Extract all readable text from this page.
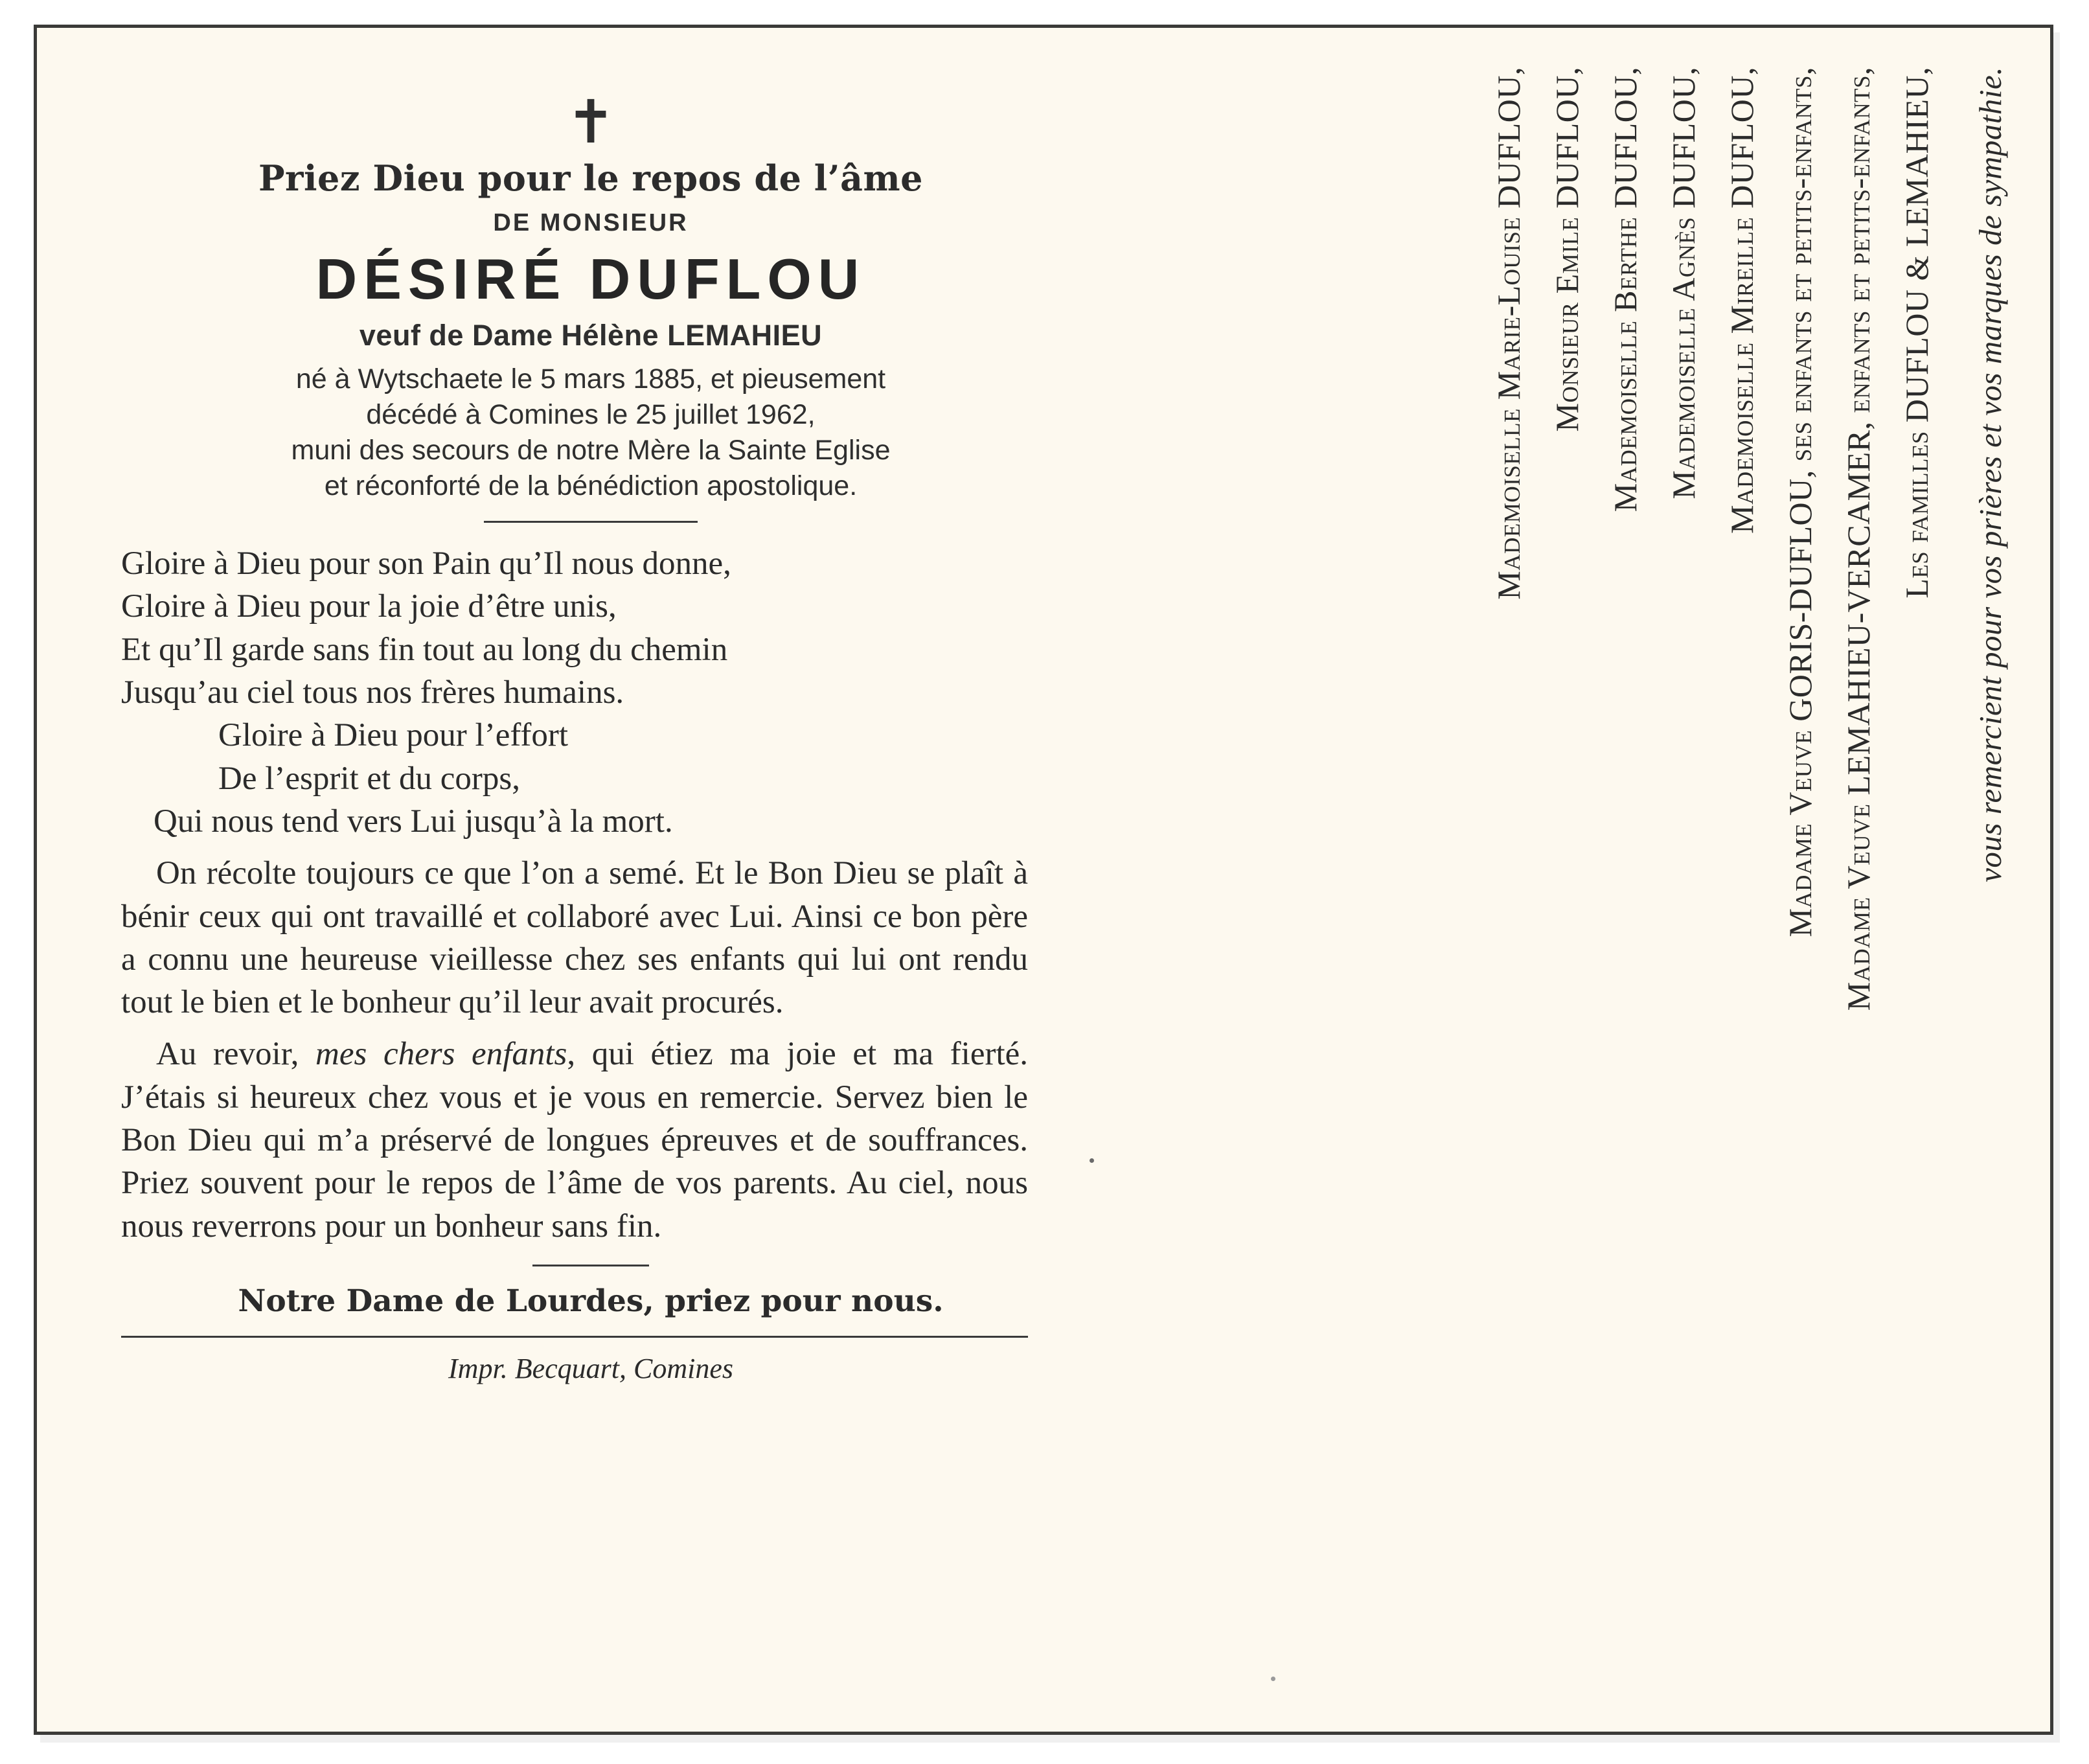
✝
Priez Dieu pour le repos de l’âme
DE MONSIEUR
DÉSIRÉ DUFLOU
veuf de Dame Hélène LEMAHIEU
né à Wytschaete le 5 mars 1885, et pieusement
décédé à Comines le 25 juillet 1962,
muni des secours de notre Mère la Sainte Eglise
et réconforté de la bénédiction apostolique.
Gloire à Dieu pour son Pain qu’Il nous donne,
Gloire à Dieu pour la joie d’être unis,
Et qu’Il garde sans fin tout au long du chemin
Jusqu’au ciel tous nos frères humains.
Gloire à Dieu pour l’effort
De l’esprit et du corps,
Qui nous tend vers Lui jusqu’à la mort.
On récolte toujours ce que l’on a semé. Et le Bon Dieu se plaît à bénir ceux qui ont travaillé et collaboré avec Lui. Ainsi ce bon père a connu une heureuse vieillesse chez ses enfants qui lui ont rendu tout le bien et le bonheur qu’il leur avait procurés.
Au revoir, mes chers enfants, qui étiez ma joie et ma fierté. J’étais si heureux chez vous et je vous en remercie. Servez bien le Bon Dieu qui m’a préservé de longues épreuves et de souffrances. Priez souvent pour le repos de l’âme de vos parents. Au ciel, nous nous reverrons pour un bonheur sans fin.
Notre Dame de Lourdes, priez pour nous.
Impr. Becquart, Comines
vous remercient pour vos prières et vos marques de sympathie.
Les familles DUFLOU & LEMAHIEU,
Madame Veuve LEMAHIEU-VERCAMER, enfants et petits-enfants,
Madame Veuve GORIS-DUFLOU, ses enfants et petits-enfants,
Mademoiselle Mireille DUFLOU,
Mademoiselle Agnès DUFLOU,
Mademoiselle Berthe DUFLOU,
Monsieur Emile DUFLOU,
Mademoiselle Marie-Louise DUFLOU,
